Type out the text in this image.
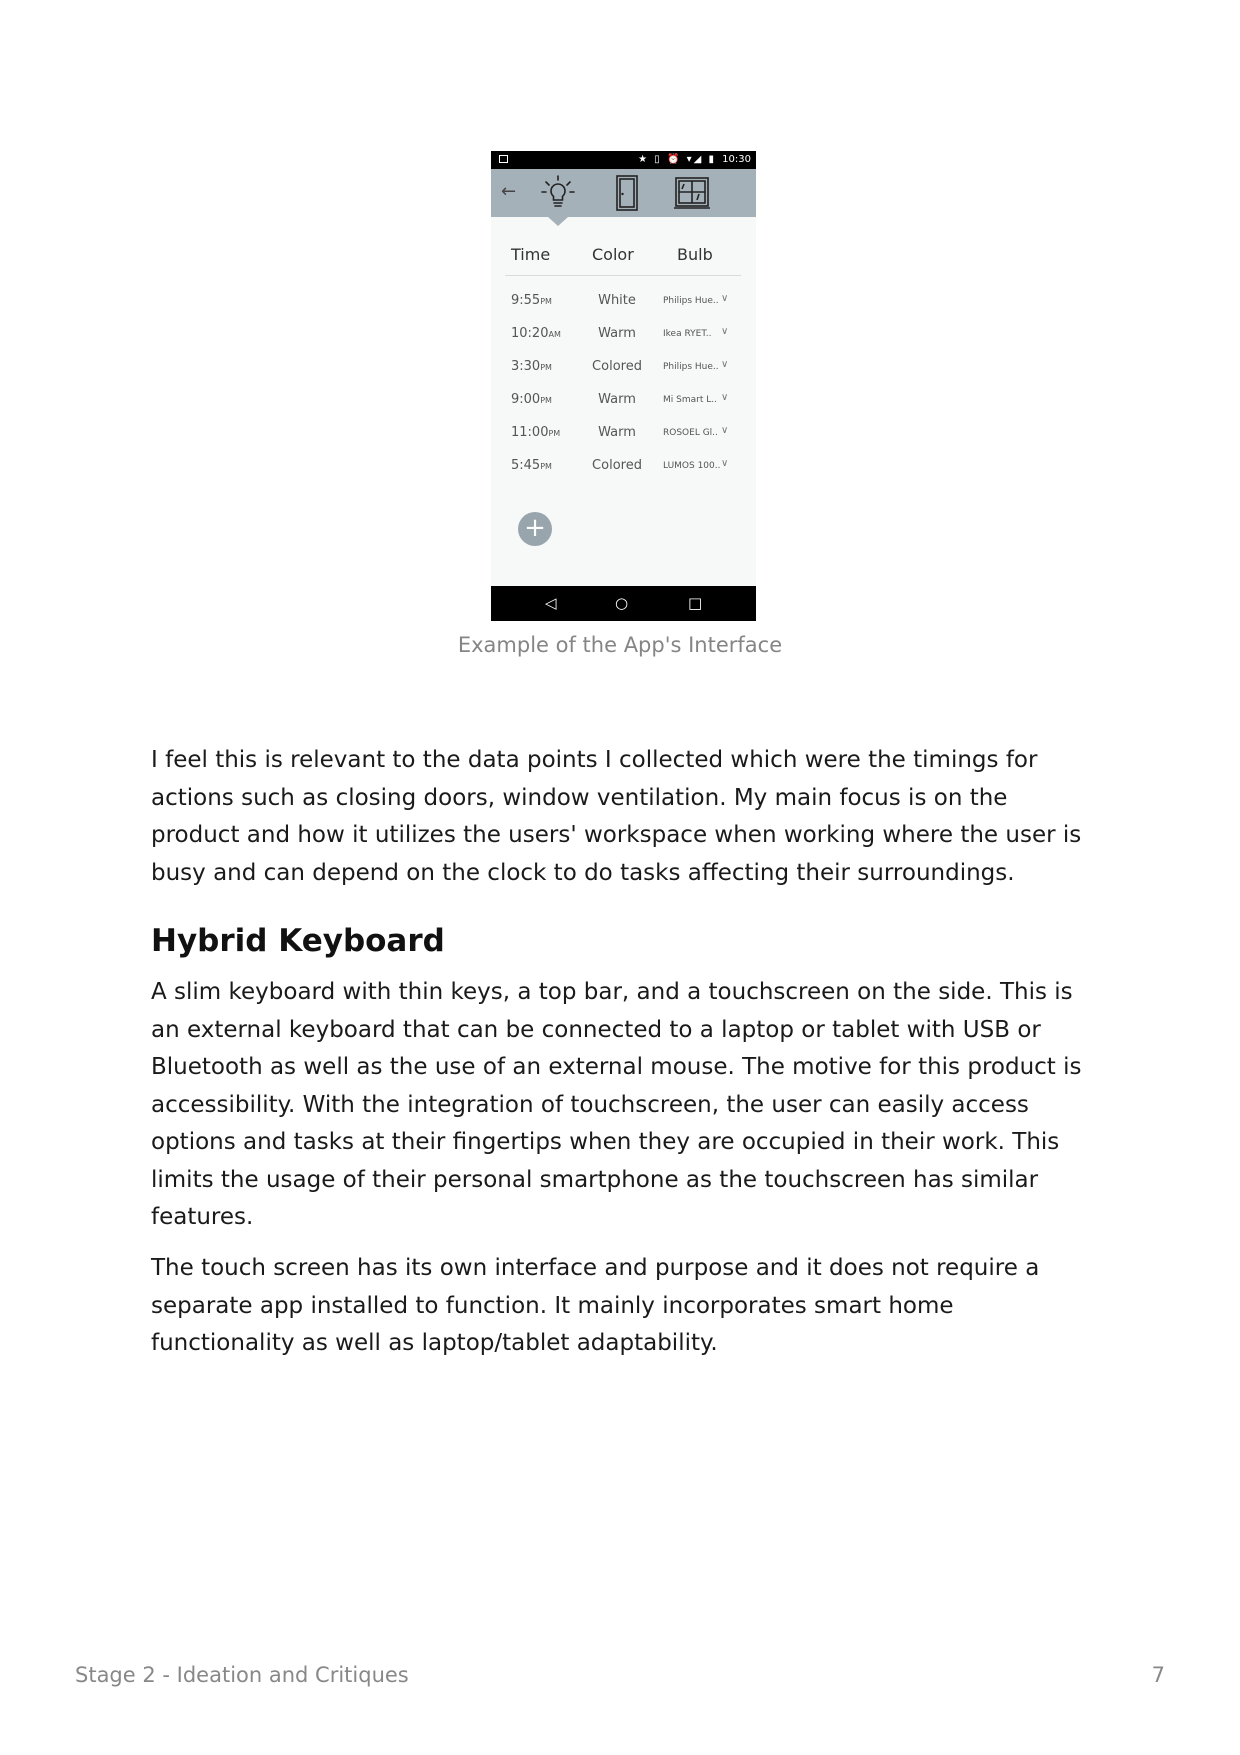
★ ▯ ⏰ ▾◢ ▮ 10:30
←
Time	Color	Bulb
9:55PM	White	Philips Hue.. ∨
10:20AM	Warm	Ikea RYET.. ∨
3:30PM	Colored	Philips Hue.. ∨
9:00PM	Warm	Mi Smart L.. ∨
11:00PM	Warm	ROSOEL Gl.. ∨
5:45PM	Colored	LUMOS 100.. ∨
+
◁	○	□
Example of the App's Interface

I feel this is relevant to the data points I collected which were the timings for actions such as closing doors, window ventilation. My main focus is on the product and how it utilizes the users' workspace when working where the user is busy and can depend on the clock to do tasks affecting their surroundings.

Hybrid Keyboard

A slim keyboard with thin keys, a top bar, and a touchscreen on the side. This is an external keyboard that can be connected to a laptop or tablet with USB or Bluetooth as well as the use of an external mouse. The motive for this product is accessibility. With the integration of touchscreen, the user can easily access options and tasks at their fingertips when they are occupied in their work. This limits the usage of their personal smartphone as the touchscreen has similar features.

The touch screen has its own interface and purpose and it does not require a separate app installed to function. It mainly incorporates smart home functionality as well as laptop/tablet adaptability.

Stage 2 - Ideation and Critiques	7
